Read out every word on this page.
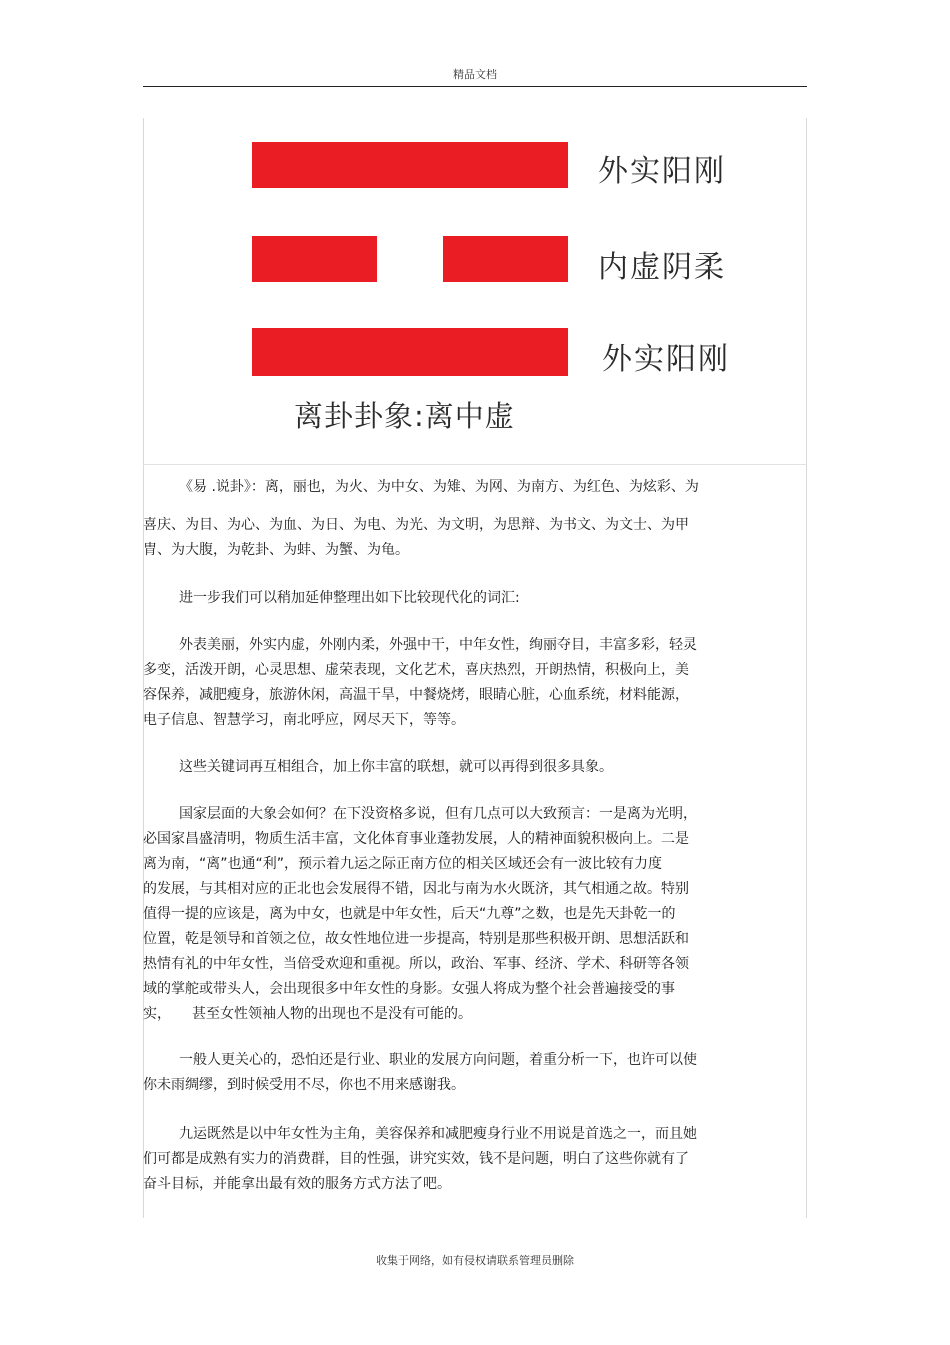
精品文档
外实阳刚
内虚阴柔
外实阳刚
离卦卦象:离中虚

《易 .说卦》：离，丽也，为火、为中女、为雉、为网、为南方、为红色、为炫彩、为

喜庆、为目、为心、为血、为日、为电、为光、为文明，为思辩、为书文、为文士、为甲
胄、为大腹，为乾卦、为蚌、为蟹、为龟。

进一步我们可以稍加延伸整理出如下比较现代化的词汇:

外表美丽，外实内虚，外刚内柔，外强中干，中年女性，绚丽夺目，丰富多彩，轻灵
多变，活泼开朗，心灵思想、虚荣表现，文化艺术，喜庆热烈，开朗热情，积极向上，美
容保养，减肥瘦身，旅游休闲，高温干旱，中餐烧烤，眼睛心脏，心血系统，材料能源，
电子信息、智慧学习，南北呼应，网尽天下，等等。

这些关键词再互相组合，加上你丰富的联想，就可以再得到很多具象。

国家层面的大象会如何？在下没资格多说，但有几点可以大致预言：一是离为光明，
必国家昌盛清明，物质生活丰富，文化体育事业蓬勃发展，人的精神面貌积极向上。二是
离为南，“离”也通“利”，预示着九运之际正南方位的相关区域还会有一波比较有力度
的发展，与其相对应的正北也会发展得不错，因北与南为水火既济，其气相通之故。特别
值得一提的应该是，离为中女，也就是中年女性，后天“九尊”之数，也是先天卦乾一的
位置，乾是领导和首领之位，故女性地位进一步提高，特别是那些积极开朗、思想活跃和
热情有礼的中年女性，当倍受欢迎和重视。所以，政治、军事、经济、学术、科研等各领
域的掌舵或带头人，会出现很多中年女性的身影。女强人将成为整个社会普遍接受的事
实，　　甚至女性领袖人物的出现也不是没有可能的。

一般人更关心的，恐怕还是行业、职业的发展方向问题，着重分析一下，也许可以使
你未雨绸缪，到时候受用不尽，你也不用来感谢我。

九运既然是以中年女性为主角，美容保养和减肥瘦身行业不用说是首选之一，而且她
们可都是成熟有实力的消费群，目的性强，讲究实效，钱不是问题，明白了这些你就有了
奋斗目标，并能拿出最有效的服务方式方法了吧。

收集于网络，如有侵权请联系管理员删除
